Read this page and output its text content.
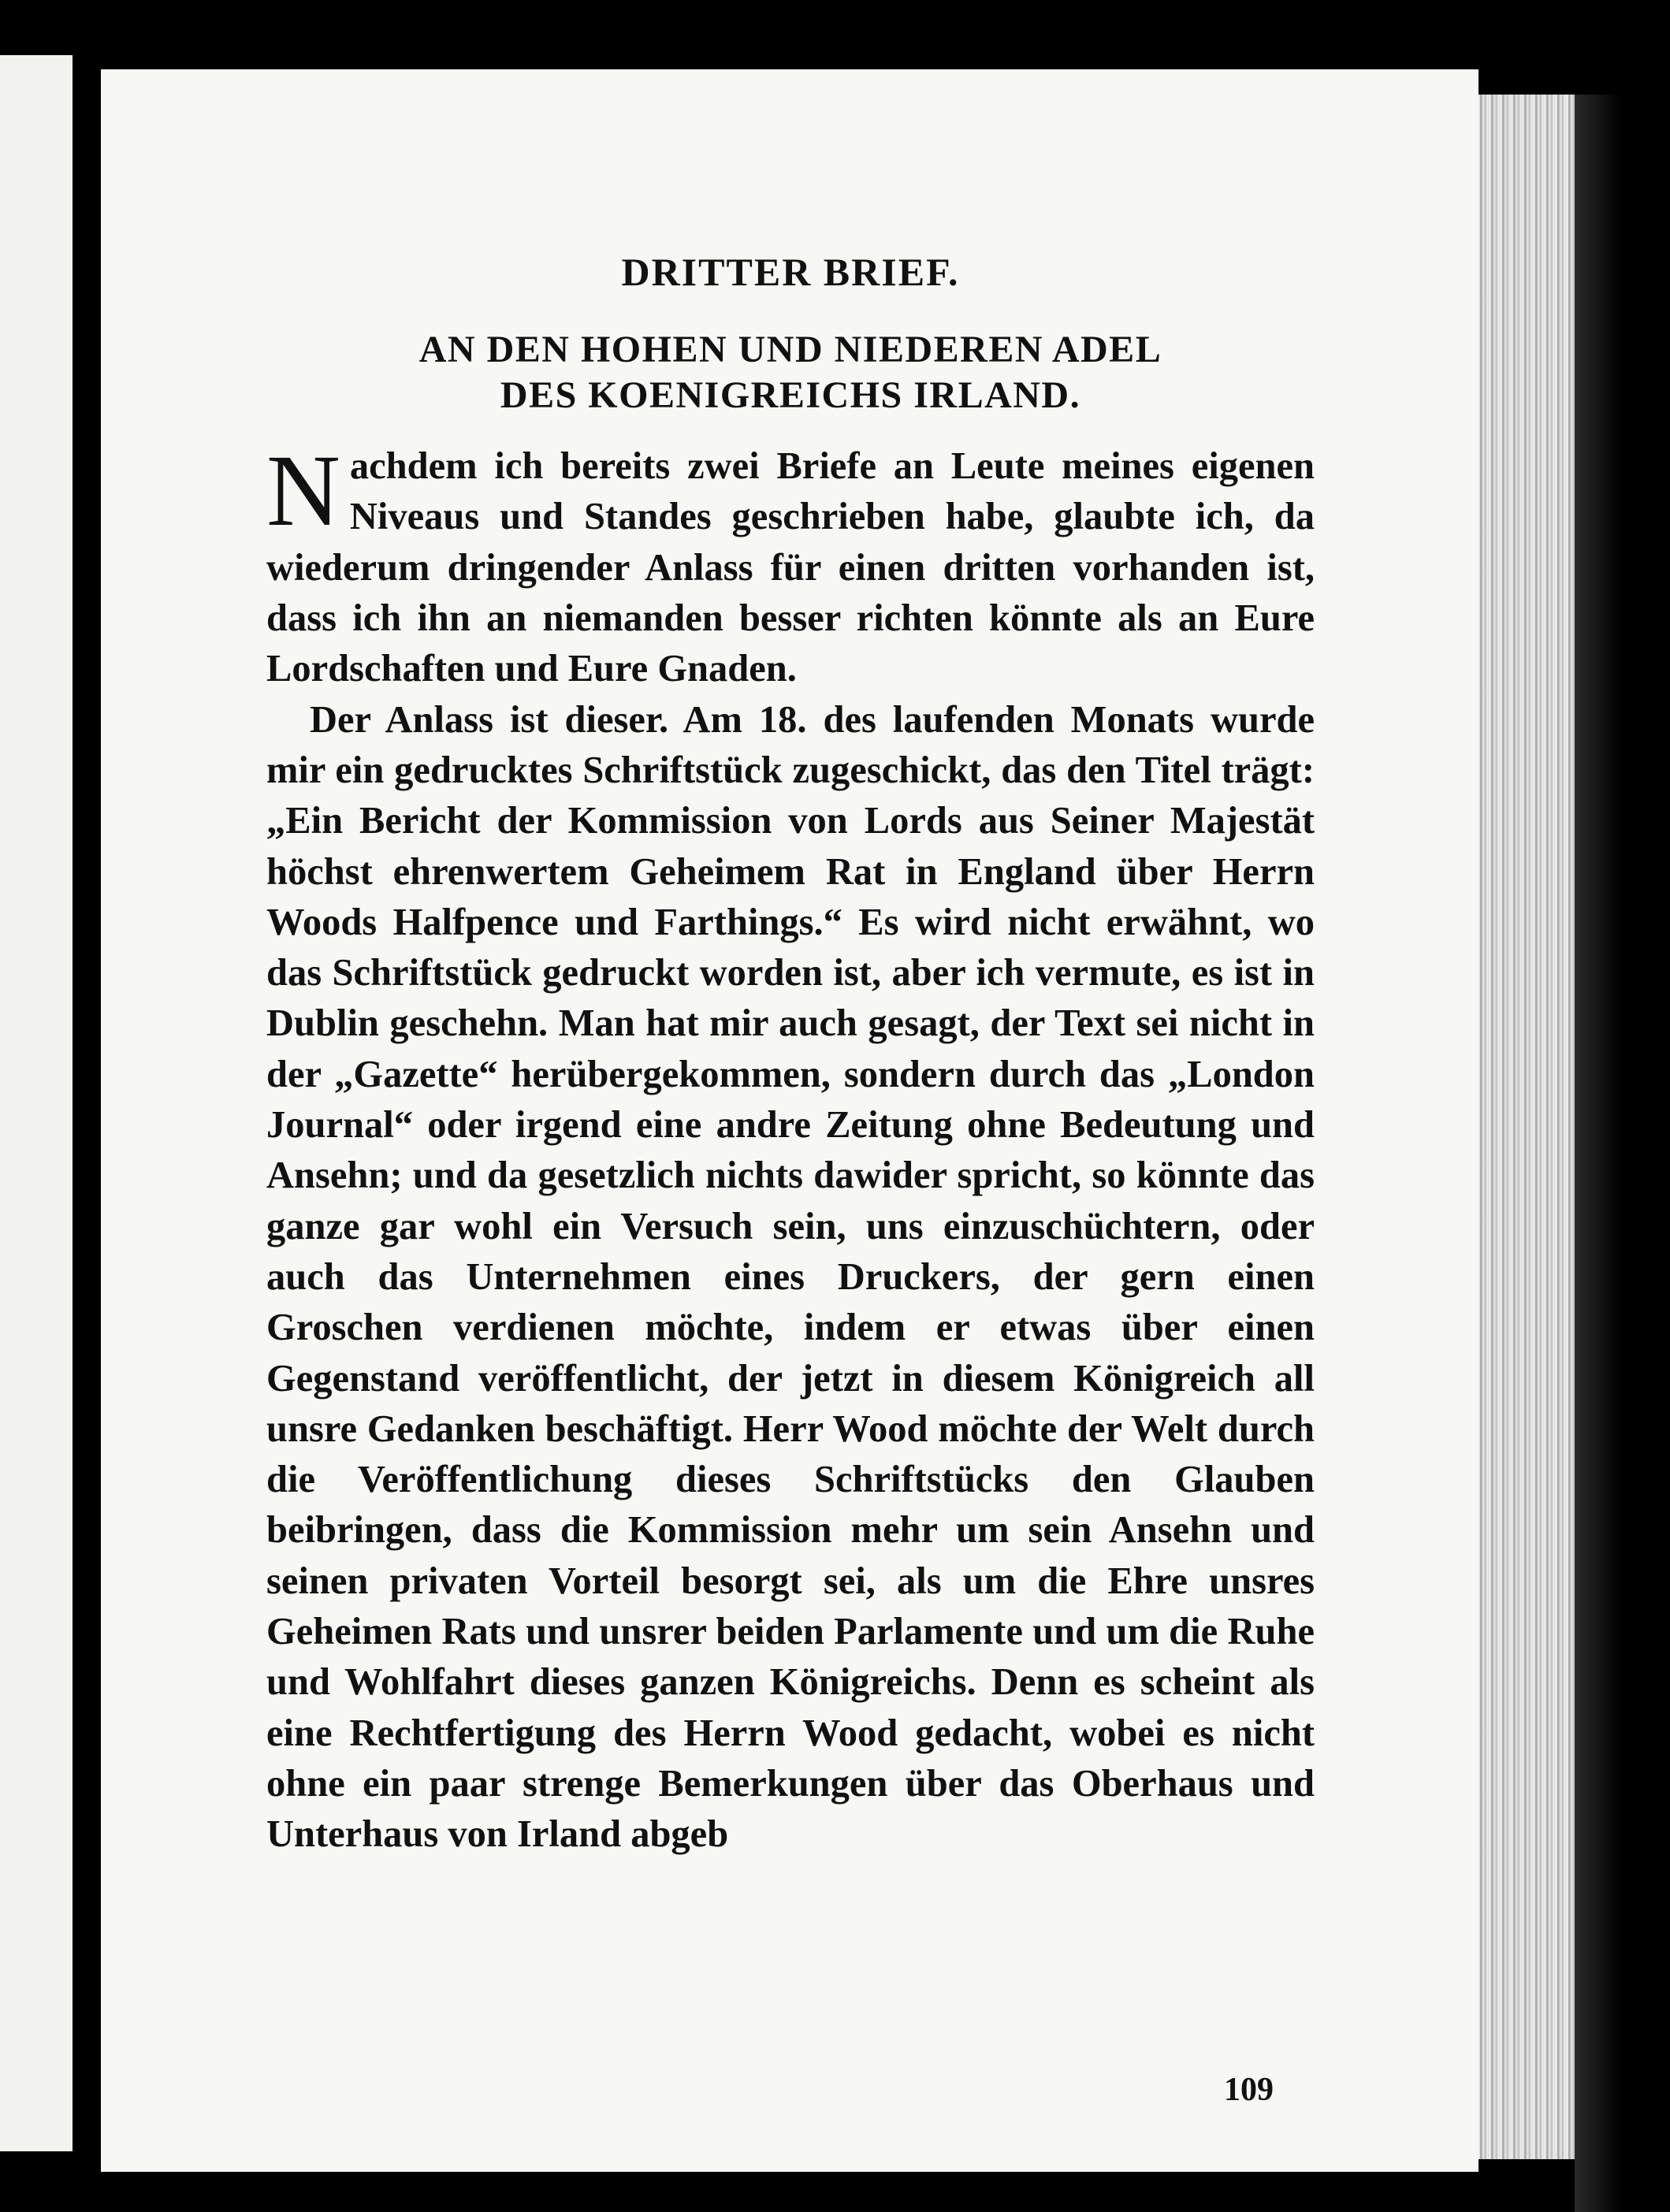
DRITTER BRIEF.
AN DEN HOHEN UND NIEDEREN ADEL
DES KOENIGREICHS IRLAND.

Nachdem ich bereits zwei Briefe an Leute meines eigenen Niveaus und Standes geschrieben habe, glaubte ich, da wiederum dringender Anlass für einen dritten vorhanden ist, dass ich ihn an niemanden besser richten könnte als an Eure Lordschaften und Eure Gnaden.

Der Anlass ist dieser. Am 18. des laufenden Monats wurde mir ein gedrucktes Schriftstück zugeschickt, das den Titel trägt: „Ein Bericht der Kommission von Lords aus Seiner Majestät höchst ehrenwertem Geheimem Rat in England über Herrn Woods Halfpence und Farthings.“ Es wird nicht erwähnt, wo das Schriftstück gedruckt worden ist, aber ich vermute, es ist in Dublin geschehn. Man hat mir auch gesagt, der Text sei nicht in der „Gazette“ herübergekommen, sondern durch das „London Journal“ oder irgend eine andre Zeitung ohne Bedeutung und Ansehn; und da gesetzlich nichts dawider spricht, so könnte das ganze gar wohl ein Versuch sein, uns einzuschüchtern, oder auch das Unternehmen eines Druckers, der gern einen Groschen verdienen möchte, indem er etwas über einen Gegenstand veröffentlicht, der jetzt in diesem Königreich all unsre Gedanken beschäftigt. Herr Wood möchte der Welt durch die Veröffentlichung dieses Schriftstücks den Glauben beibringen, dass die Kommission mehr um sein Ansehn und seinen privaten Vorteil besorgt sei, als um die Ehre unsres Geheimen Rats und unsrer beiden Parlamente und um die Ruhe und Wohlfahrt dieses ganzen Königreichs. Denn es scheint als eine Rechtfertigung des Herrn Wood gedacht, wobei es nicht ohne ein paar strenge Bemerkungen über das Oberhaus und Unterhaus von Irland abgeb

109
